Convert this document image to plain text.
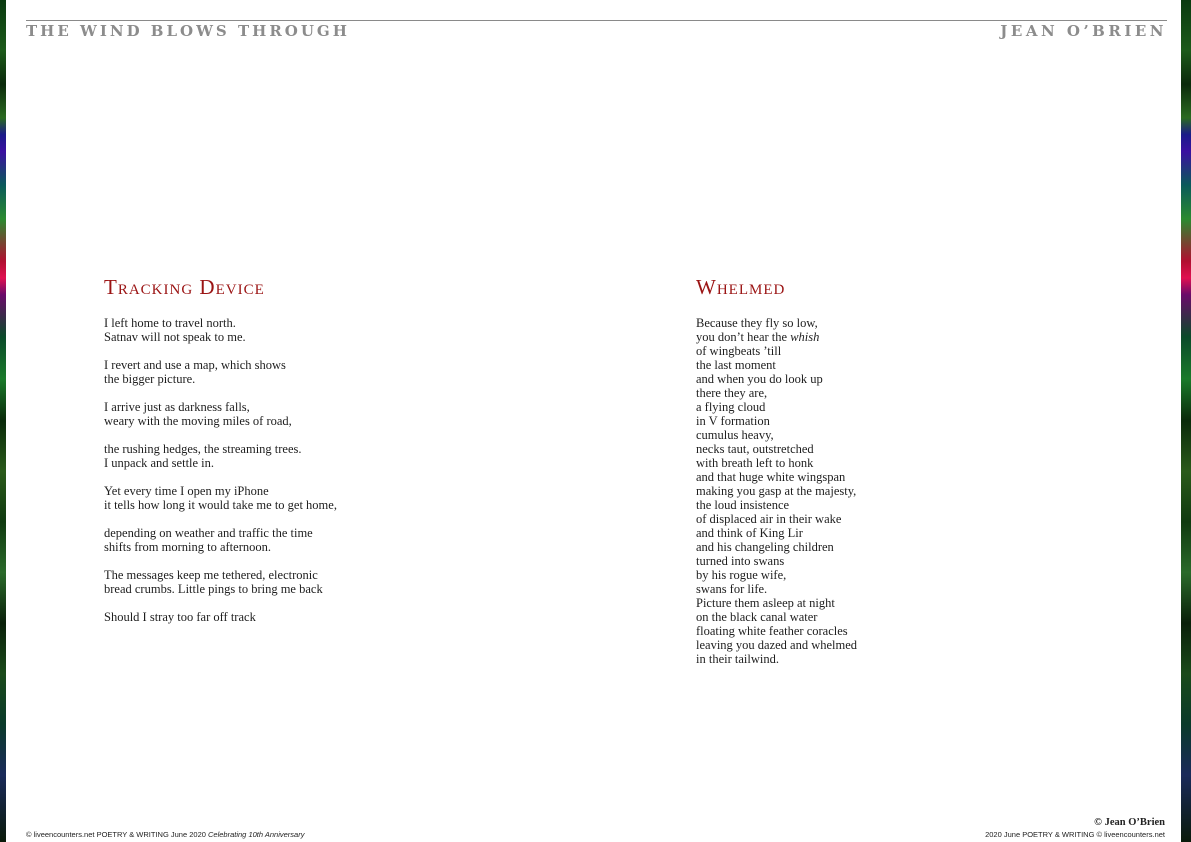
THE WIND BLOWS THROUGH	JEAN O’BRIEN
Tracking Device
I left home to travel north.
Satnav will not speak to me.
I revert and use a map, which shows
the bigger picture.
I arrive just as darkness falls,
weary with the moving miles of road,
the rushing hedges, the streaming trees.
I unpack and settle in.
Yet every time I open my iPhone
it tells how long it would take me to get home,
depending on weather and traffic the time
shifts from morning to afternoon.
The messages keep me tethered, electronic
bread crumbs. Little pings to bring me back
Should I stray too far off track
Whelmed
Because they fly so low,
you don’t hear the whish
of wingbeats ’till
the last moment
and when you do look up
there they are,
a flying cloud
in V formation
cumulus heavy,
necks taut, outstretched
with breath left to honk
and that huge white wingspan
making you gasp at the majesty,
the loud insistence
of displaced air in their wake
and think of King Lir
and his changeling children
turned into swans
by his rogue wife,
swans for life.
Picture them asleep at night
on the black canal water
floating white feather coracles
leaving you dazed and whelmed
in their tailwind.
© liveencounters.net POETRY & WRITING June 2020 Celebrating 10th Anniversary
© Jean O’Brien
2020 June POETRY & WRITING © liveencounters.net
